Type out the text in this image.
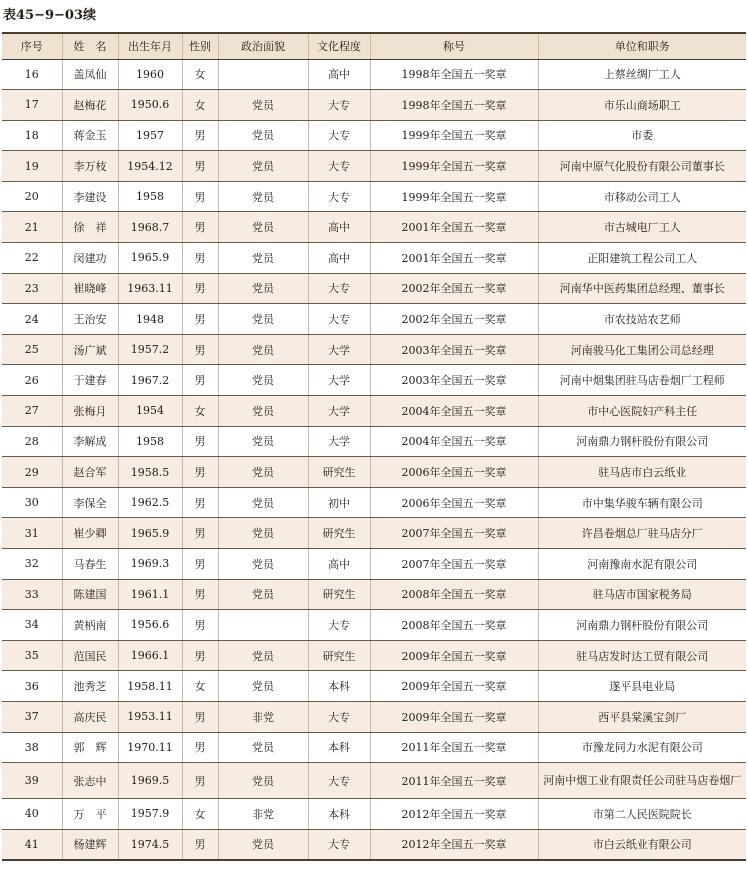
表45−9−03续
序号	姓　名	出生年月	性别	政治面貌	文化程度	称号	单位和职务
16	盖凤仙	1960	女		高中	1998年全国五一奖章	上蔡丝绸厂工人
17	赵梅花	1950.6	女	党员	大专	1998年全国五一奖章	市乐山商场职工
18	蒋金玉	1957	男	党员	大专	1999年全国五一奖章	市委
19	李万枝	1954.12	男	党员	大专	1999年全国五一奖章	河南中原气化股份有限公司董事长
20	李建设	1958	男	党员	大专	1999年全国五一奖章	市移动公司工人
21	徐　祥	1968.7	男	党员	高中	2001年全国五一奖章	市古城电厂工人
22	闵建功	1965.9	男	党员	高中	2001年全国五一奖章	正阳建筑工程公司工人
23	崔晓峰	1963.11	男	党员	大专	2002年全国五一奖章	河南华中医药集团总经理、董事长
24	王治安	1948	男	党员	大专	2002年全国五一奖章	市农技站农艺师
25	汤广斌	1957.2	男	党员	大学	2003年全国五一奖章	河南骏马化工集团公司总经理
26	于建春	1967.2	男	党员	大学	2003年全国五一奖章	河南中烟集团驻马店卷烟厂工程师
27	张梅月	1954	女	党员	大学	2004年全国五一奖章	市中心医院妇产科主任
28	李解成	1958	男	党员	大学	2004年全国五一奖章	河南鼎力钢杆股份有限公司
29	赵合军	1958.5	男	党员	研究生	2006年全国五一奖章	驻马店市白云纸业
30	李保全	1962.5	男	党员	初中	2006年全国五一奖章	市中集华骏车辆有限公司
31	崔少卿	1965.9	男	党员	研究生	2007年全国五一奖章	许昌卷烟总厂驻马店分厂
32	马春生	1969.3	男	党员	高中	2007年全国五一奖章	河南豫南水泥有限公司
33	陈建国	1961.1	男	党员	研究生	2008年全国五一奖章	驻马店市国家税务局
34	黄柄南	1956.6	男		大专	2008年全国五一奖章	河南鼎力钢杆股份有限公司
35	范国民	1966.1	男	党员	研究生	2009年全国五一奖章	驻马店发时达工贸有限公司
36	池秀芝	1958.11	女	党员	本科	2009年全国五一奖章	遂平县电业局
37	高庆民	1953.11	男	非党	大专	2009年全国五一奖章	西平县棠溪宝剑厂
38	郭　辉	1970.11	男	党员	本科	2011年全国五一奖章	市豫龙同力水泥有限公司
39	张志中	1969.5	男	党员	大专	2011年全国五一奖章	河南中烟工业有限责任公司驻马店卷烟厂
40	万　平	1957.9	女	非党	本科	2012年全国五一奖章	市第二人民医院院长
41	杨建辉	1974.5	男	党员	大专	2012年全国五一奖章	市白云纸业有限公司
